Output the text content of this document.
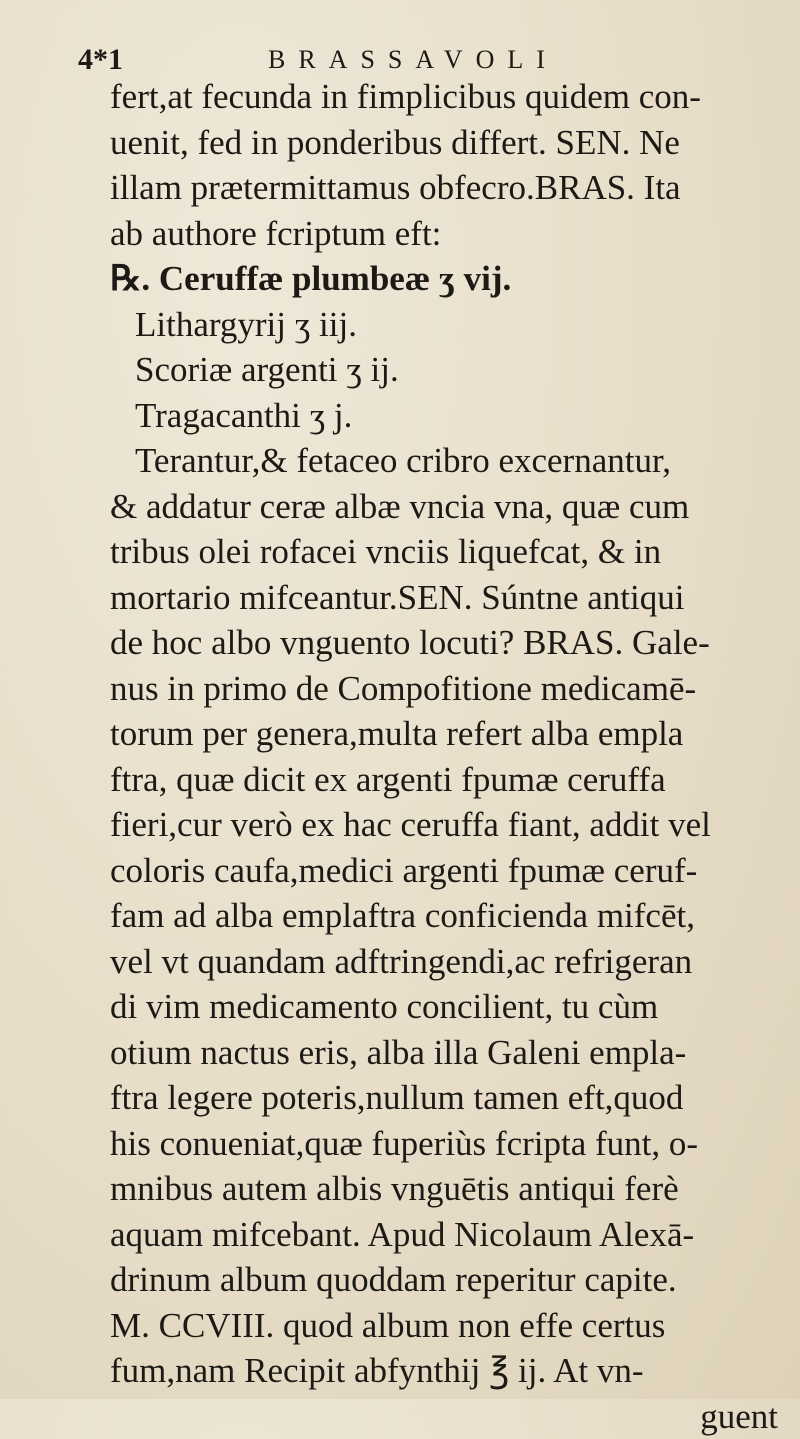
4*1	BRASSAVOLI
fert,at fecunda in fimplicibus quidem con-
uenit, fed in ponderibus differt. SEN. Ne
illam prætermittamus obfecro.BRAS. Ita
ab authore fcriptum eft:
℞. Ceruffæ plumbeæ ʒ vij.
Lithargyrij ʒ iij.
Scoriæ argenti ʒ ij.
Tragacanthi ʒ j.
Terantur,& fetaceo cribro excernantur,
& addatur ceræ albæ vncia vna, quæ cum
tribus olei rofacei vnciis liquefcat, & in
mortario mifceantur.SEN. Súntne antiqui
de hoc albo vnguento locuti? BRAS. Gale-
nus in primo de Compofitione medicamē-
torum per genera,multa refert alba empla
ftra, quæ dicit ex argenti fpumæ ceruffa
fieri,cur verò ex hac ceruffa fiant, addit vel
coloris caufa,medici argenti fpumæ ceruf-
fam ad alba emplaftra conficienda mifcēt,
vel vt quandam adftringendi,ac refrigeran
di vim medicamento concilient, tu cùm
otium nactus eris, alba illa Galeni empla-
ftra legere poteris,nullum tamen eft,quod
his conueniat,quæ fuperiùs fcripta funt, o-
mnibus autem albis vnguētis antiqui ferè
aquam mifcebant. Apud Nicolaum Alexā-
drinum album quoddam reperitur capite.
M. CCVIII. quod album non effe certus
fum,nam Recipit abfynthij ℥ ij. At vn-
guent
